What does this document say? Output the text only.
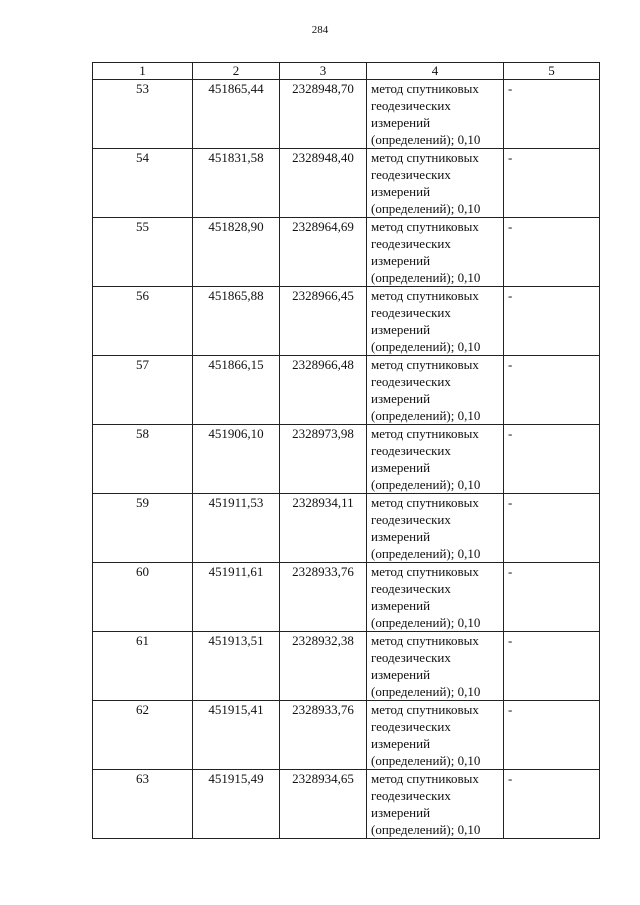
284
1	2	3	4	5
53	451865,44	2328948,70	метод спутниковых геодезических измерений (определений); 0,10	-
54	451831,58	2328948,40	метод спутниковых геодезических измерений (определений); 0,10	-
55	451828,90	2328964,69	метод спутниковых геодезических измерений (определений); 0,10	-
56	451865,88	2328966,45	метод спутниковых геодезических измерений (определений); 0,10	-
57	451866,15	2328966,48	метод спутниковых геодезических измерений (определений); 0,10	-
58	451906,10	2328973,98	метод спутниковых геодезических измерений (определений); 0,10	-
59	451911,53	2328934,11	метод спутниковых геодезических измерений (определений); 0,10	-
60	451911,61	2328933,76	метод спутниковых геодезических измерений (определений); 0,10	-
61	451913,51	2328932,38	метод спутниковых геодезических измерений (определений); 0,10	-
62	451915,41	2328933,76	метод спутниковых геодезических измерений (определений); 0,10	-
63	451915,49	2328934,65	метод спутниковых геодезических измерений (определений); 0,10	-
